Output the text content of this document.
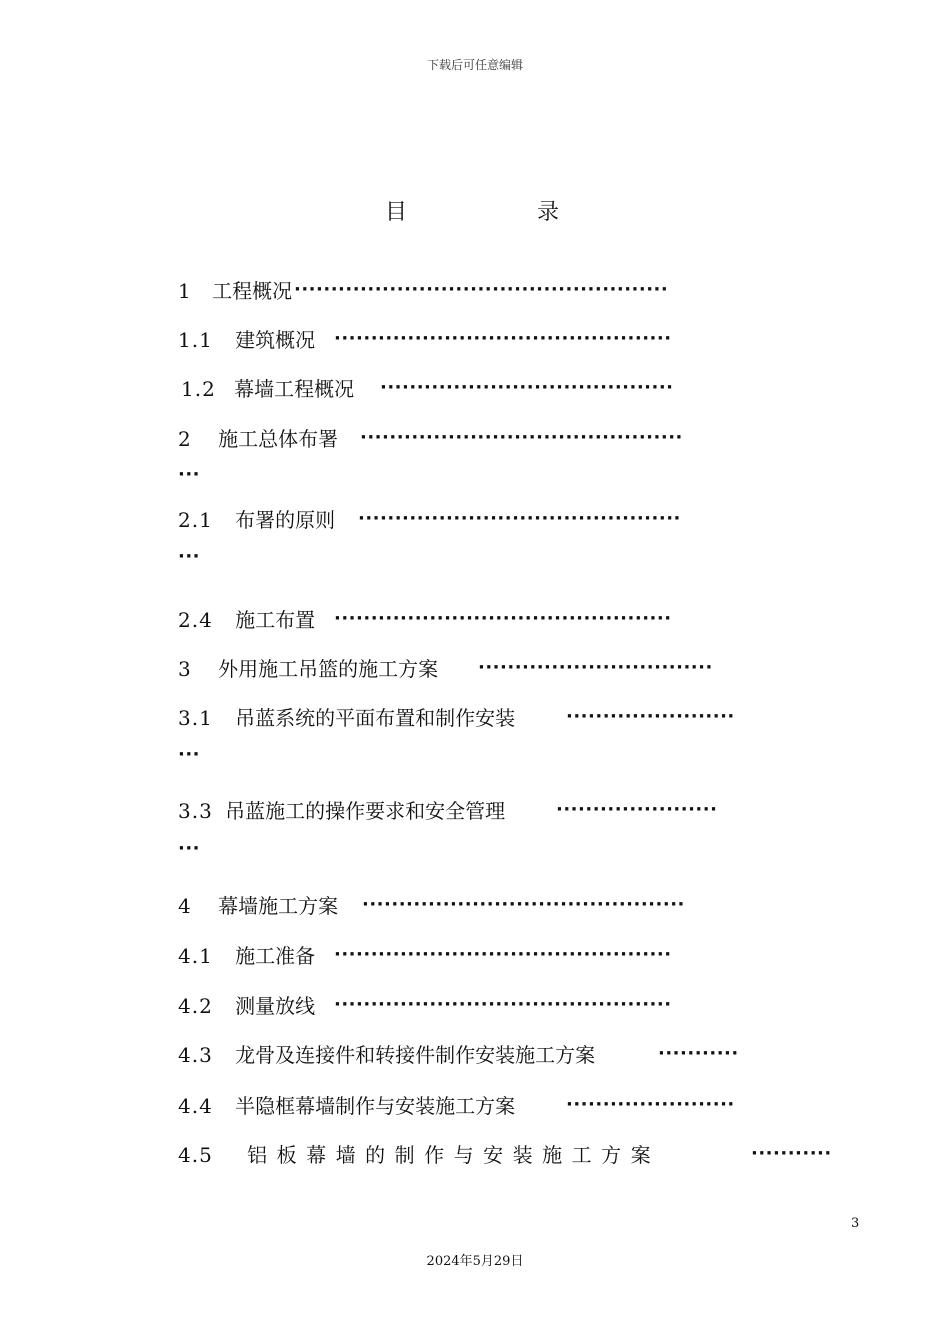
下载后可任意编辑
目	录
1 工程概况 ···················································
1.1 建筑概况 ··············································
1.2 幕墙工程概况 ········································
2 施工总体布署 ············································
···
2.1 布署的原则 ············································
···
2.4 施工布置 ··············································
3 外用施工吊篮的施工方案 ································
3.1 吊蓝系统的平面布置和制作安装	·······················
···
3.3 吊蓝施工的操作要求和安全管理	······················
···
4 幕墙施工方案 ············································
4.1 施工准备 ··············································
4.2 测量放线 ··············································
4.3 龙骨及连接件和转接件制作安装施工方案	···········
4.4 半隐框幕墙制作与安装施工方案	·······················
4.5 铝板幕墙的制作与安装施工方案	···········
3
2024年5月29日
